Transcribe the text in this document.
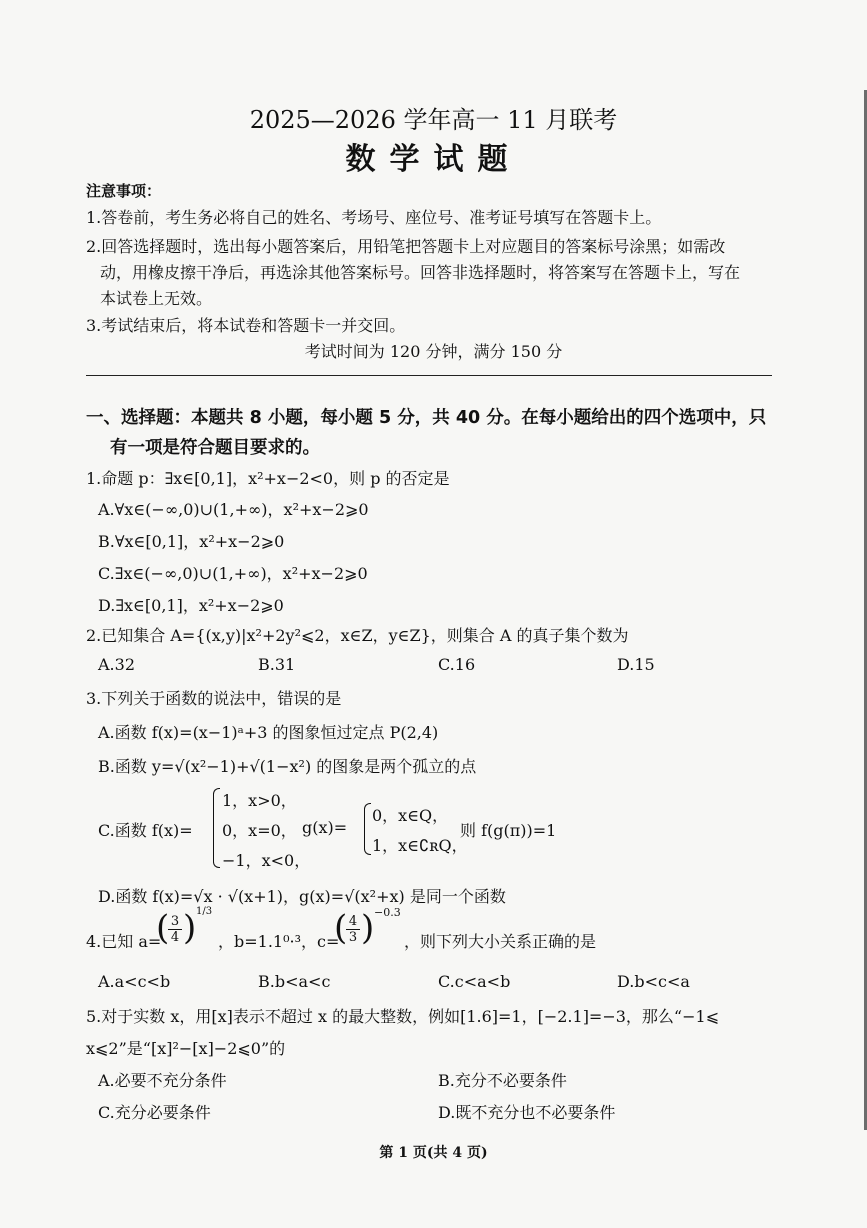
2025—2026 学年高一 11 月联考
数学试题
注意事项：
1.答卷前，考生务必将自己的姓名、考场号、座位号、准考证号填写在答题卡上。
2.回答选择题时，选出每小题答案后，用铅笔把答题卡上对应题目的答案标号涂黑；如需改
动，用橡皮擦干净后，再选涂其他答案标号。回答非选择题时，将答案写在答题卡上，写在
本试卷上无效。
3.考试结束后，将本试卷和答题卡一并交回。
考试时间为 120 分钟，满分 150 分
一、选择题：本题共 8 小题，每小题 5 分，共 40 分。在每小题给出的四个选项中，只
有一项是符合题目要求的。
1.命题 p：∃x∈[0,1]，x²+x−2<0，则 p 的否定是
A.∀x∈(−∞,0)∪(1,+∞)，x²+x−2⩾0
B.∀x∈[0,1]，x²+x−2⩾0
C.∃x∈(−∞,0)∪(1,+∞)，x²+x−2⩾0
D.∃x∈[0,1]，x²+x−2⩾0
2.已知集合 A={(x,y)|x²+2y²⩽2，x∈Z，y∈Z}，则集合 A 的真子集个数为
A.32	B.31	C.16	D.15
3.下列关于函数的说法中，错误的是
A.函数 f(x)=(x−1)ᵃ+3 的图象恒过定点 P(2,4)
B.函数 y=√(x²−1)+√(1−x²) 的图象是两个孤立的点
C.函数 f(x)=
1，x>0，
0，x=0，
−1，x<0，
g(x)=
0，x∈Q，
1，x∈∁ʀQ，
则 f(g(π))=1
D.函数 f(x)=√x · √(x+1)，g(x)=√(x²+x) 是同一个函数
4.已知 a=
(
$\frac{3}{4}$ ) 1/3
，b=1.1⁰·³，c=
(
$\frac{4}{3}$ ) −0.3
，则下列大小关系正确的是
A.a<c<b	B.b<a<c	C.c<a<b	D.b<c<a
5.对于实数 x，用[x]表示不超过 x 的最大整数，例如[1.6]=1，[−2.1]=−3，那么“−1⩽
x⩽2”是“[x]²−[x]−2⩽0”的
A.必要不充分条件	B.充分不必要条件
C.充分必要条件	D.既不充分也不必要条件
第 1 页(共 4 页)
